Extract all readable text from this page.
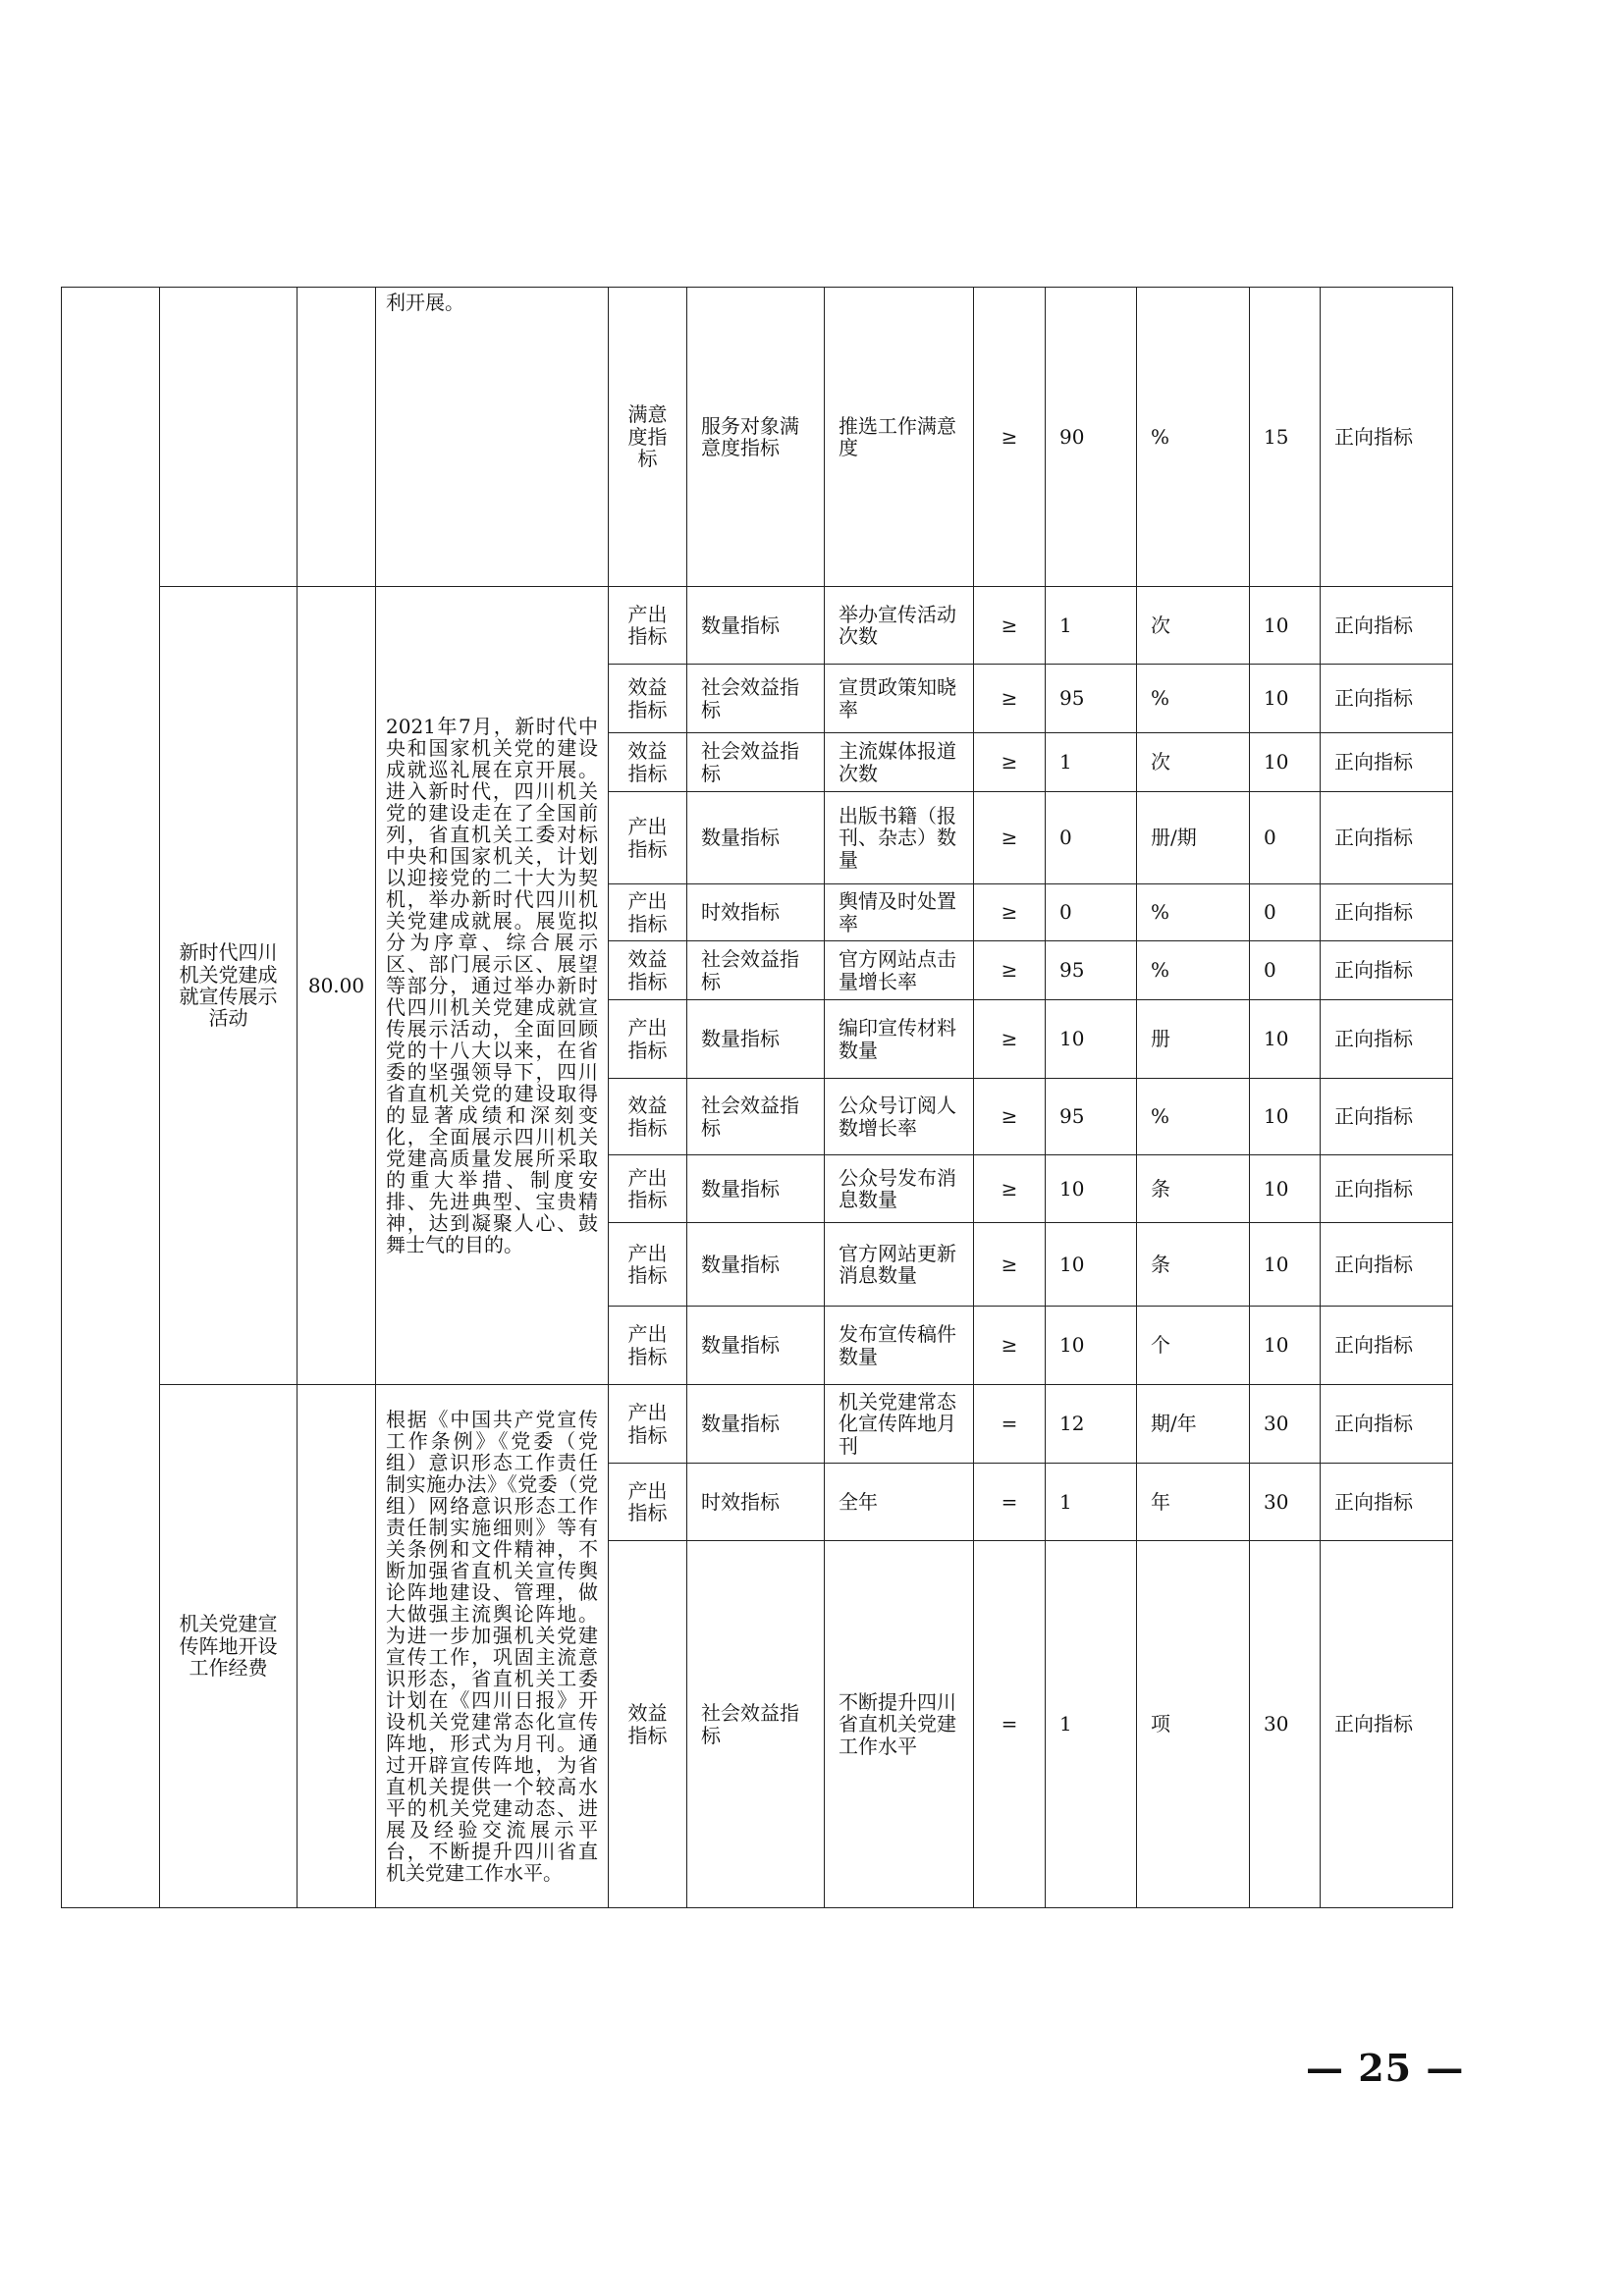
			利开展。	满意度指标	服务对象满意度指标	推选工作满意度	≥	90	%	15	正向指标
	新时代四川机关党建成就宣传展示活动	80.00	2021年7月，新时代中央和国家机关党的建设成就巡礼展在京开展。进入新时代，四川机关党的建设走在了全国前列，省直机关工委对标中央和国家机关，计划以迎接党的二十大为契机，举办新时代四川机关党建成就展。展览拟分为序章、综合展示区、部门展示区、展望等部分，通过举办新时代四川机关党建成就宣传展示活动，全面回顾党的十八大以来，在省委的坚强领导下，四川省直机关党的建设取得的显著成绩和深刻变化，全面展示四川机关党建高质量发展所采取的重大举措、制度安排、先进典型、宝贵精神，达到凝聚人心、鼓舞士气的目的。	产出指标	数量指标	举办宣传活动次数	≥	1	次	10	正向指标
				效益指标	社会效益指标	宣贯政策知晓率	≥	95	%	10	正向指标
				效益指标	社会效益指标	主流媒体报道次数	≥	1	次	10	正向指标
				产出指标	数量指标	出版书籍（报刊、杂志）数量	≥	0	册/期	0	正向指标
				产出指标	时效指标	舆情及时处置率	≥	0	%	0	正向指标
				效益指标	社会效益指标	官方网站点击量增长率	≥	95	%	0	正向指标
				产出指标	数量指标	编印宣传材料数量	≥	10	册	10	正向指标
				效益指标	社会效益指标	公众号订阅人数增长率	≥	95	%	10	正向指标
				产出指标	数量指标	公众号发布消息数量	≥	10	条	10	正向指标
				产出指标	数量指标	官方网站更新消息数量	≥	10	条	10	正向指标
				产出指标	数量指标	发布宣传稿件数量	≥	10	个	10	正向指标
	机关党建宣传阵地开设工作经费		根据《中国共产党宣传工作条例》《党委（党组）意识形态工作责任制实施办法》《党委（党组）网络意识形态工作责任制实施细则》等有关条例和文件精神，不断加强省直机关宣传舆论阵地建设、管理，做大做强主流舆论阵地。为进一步加强机关党建宣传工作，巩固主流意识形态，省直机关工委计划在《四川日报》开设机关党建常态化宣传阵地，形式为月刊。通过开辟宣传阵地，为省直机关提供一个较高水平的机关党建动态、进展及经验交流展示平台，不断提升四川省直机关党建工作水平。	产出指标	数量指标	机关党建常态化宣传阵地月刊	=	12	期/年	30	正向指标
				产出指标	时效指标	全年	=	1	年	30	正向指标
				效益指标	社会效益指标	不断提升四川省直机关党建工作水平	=	1	项	30	正向指标
— 25 —
